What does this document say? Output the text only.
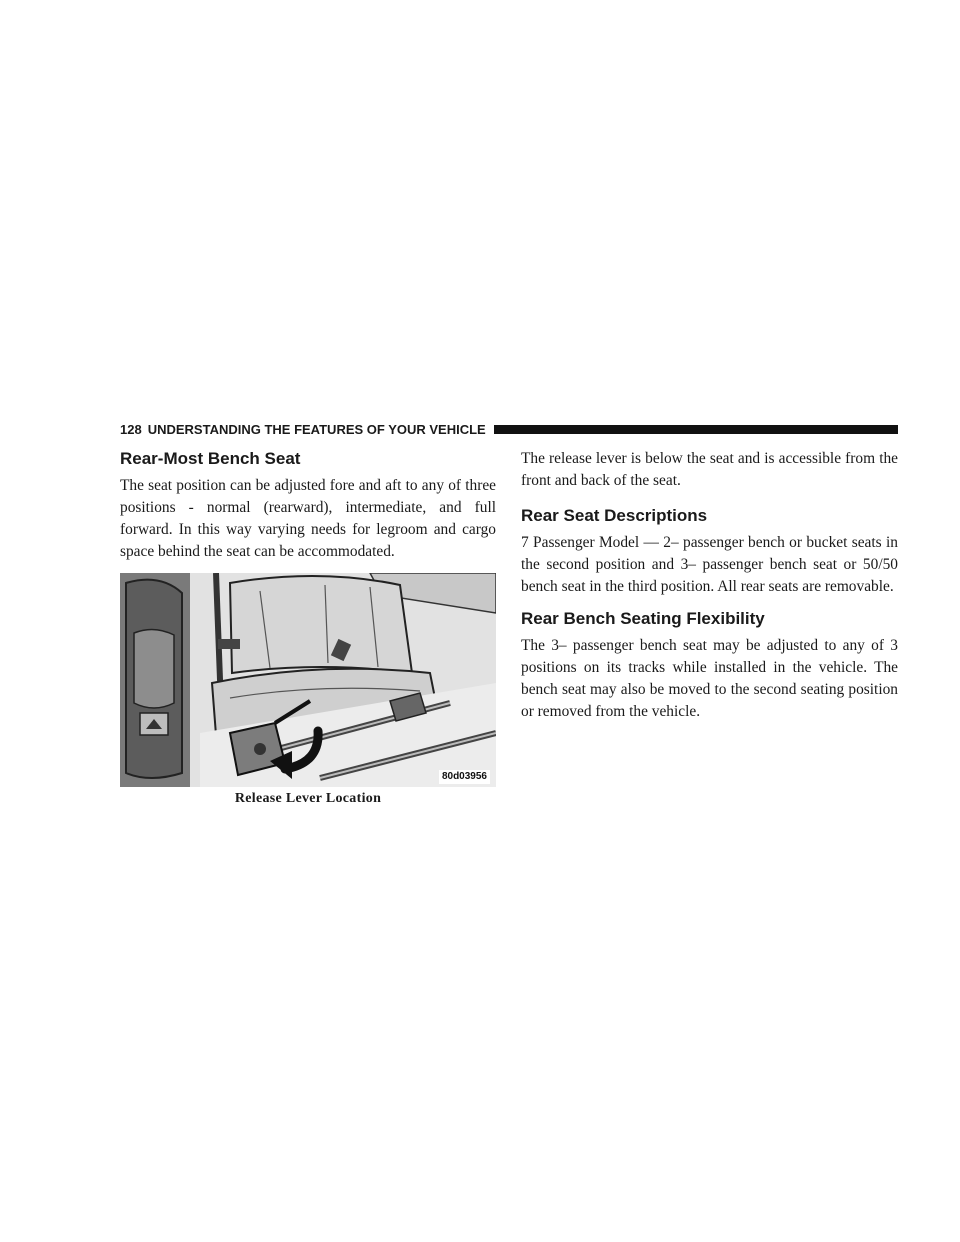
128 UNDERSTANDING THE FEATURES OF YOUR VEHICLE
Rear-Most Bench Seat

The seat position can be adjusted fore and aft to any of three positions - normal (rearward), intermediate, and full forward. In this way varying needs for legroom and cargo space behind the seat can be accommodated.

80d03956
Release Lever Location

The release lever is below the seat and is accessible from the front and back of the seat.

Rear Seat Descriptions

7 Passenger Model — 2– passenger bench or bucket seats in the second position and 3– passenger bench seat or 50/50 bench seat in the third position. All rear seats are removable.

Rear Bench Seating Flexibility

The 3– passenger bench seat may be adjusted to any of 3 positions on its tracks while installed in the vehicle. The bench seat may also be moved to the second seating position or removed from the vehicle.
